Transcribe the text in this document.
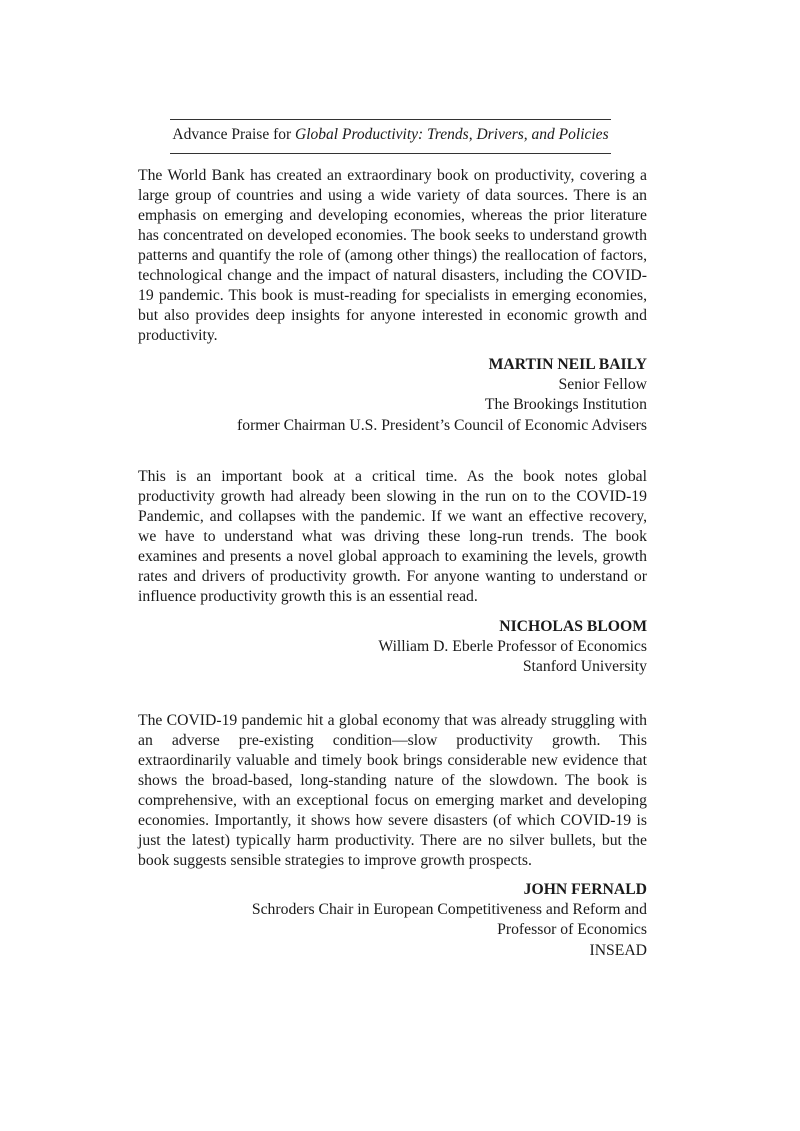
Advance Praise for Global Productivity: Trends, Drivers, and Policies

The World Bank has created an extraordinary book on productivity, covering a large group of countries and using a wide variety of data sources. There is an emphasis on emerging and developing economies, whereas the prior literature has concentrated on developed economies. The book seeks to understand growth patterns and quantify the role of (among other things) the reallocation of factors, technological change and the impact of natural disasters, including the COVID-19 pandemic. This book is must-reading for specialists in emerging economies, but also provides deep insights for anyone interested in economic growth and productivity.

MARTIN NEIL BAILY
Senior Fellow
The Brookings Institution
former Chairman U.S. President’s Council of Economic Advisers

This is an important book at a critical time. As the book notes global productivity growth had already been slowing in the run on to the COVID-19 Pandemic, and collapses with the pandemic. If we want an effective recovery, we have to understand what was driving these long-run trends. The book examines and presents a novel global approach to examining the levels, growth rates and drivers of productivity growth. For anyone wanting to understand or influence productivity growth this is an essential read.

NICHOLAS BLOOM
William D. Eberle Professor of Economics
Stanford University

The COVID-19 pandemic hit a global economy that was already struggling with an adverse pre-existing condition—slow productivity growth. This extraordinarily valuable and timely book brings considerable new evidence that shows the broad-based, long-standing nature of the slowdown. The book is comprehensive, with an exceptional focus on emerging market and developing economies. Importantly, it shows how severe disasters (of which COVID-19 is just the latest) typically harm productivity. There are no silver bullets, but the book suggests sensible strategies to improve growth prospects.

JOHN FERNALD
Schroders Chair in European Competitiveness and Reform and
Professor of Economics
INSEAD
